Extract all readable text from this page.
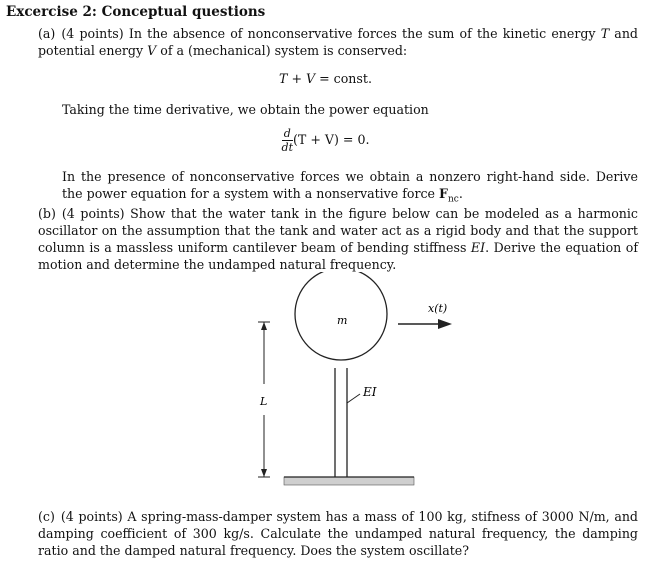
Excercise 2: Conceptual questions
(a) (4 points) In the absence of nonconservative forces the sum of the kinetic energy T and potential energy V of a (mechanical) system is conserved:
T + V = const.
Taking the time derivative, we obtain the power equation
$\frac{d}{dt} (T + V) = 0$.
In the presence of nonconservative forces we obtain a nonzero right-hand side. Derive the power equation for a system with a nonservative force $F_{nc}$.
(b) (4 points) Show that the water tank in the figure below can be modeled as a harmonic oscillator on the assumption that the tank and water act as a rigid body and that the support column is a massless uniform cantilever beam of bending stiffness EI. Derive the equation of motion and determine the undamped natural frequency.
m
EI
x(t)
L
(c) (4 points) A spring-mass-damper system has a mass of 100 kg, stifness of 3000 N/m, and damping coefficient of 300 kg/s. Calculate the undamped natural frequency, the damping ratio and the damped natural frequency. Does the system oscillate?
